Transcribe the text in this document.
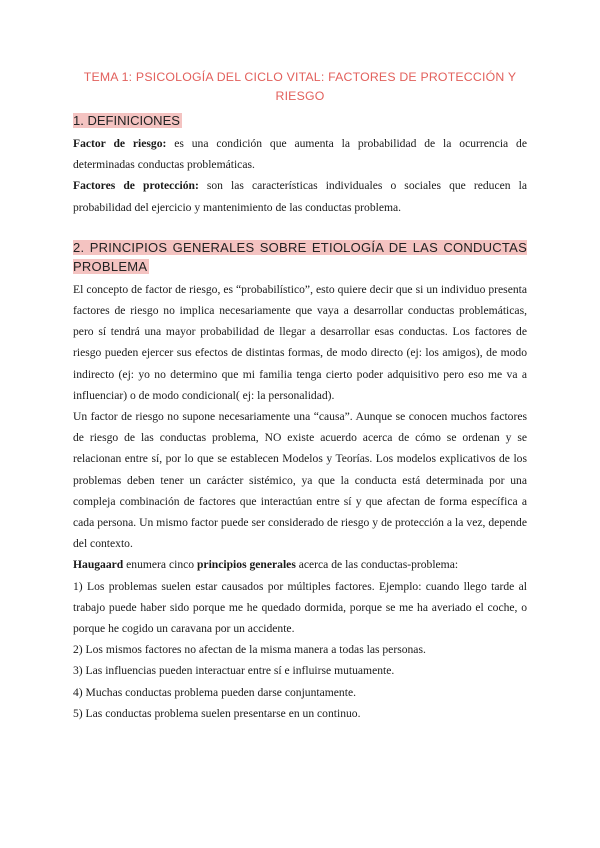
TEMA 1: PSICOLOGÍA DEL CICLO VITAL: FACTORES DE PROTECCIÓN Y RIESGO
1. DEFINICIONES

Factor de riesgo: es una condición que aumenta la probabilidad de la ocurrencia de determinadas conductas problemáticas.

Factores de protección: son las características individuales o sociales que reducen la probabilidad del ejercicio y mantenimiento de las conductas problema.

2. PRINCIPIOS GENERALES SOBRE ETIOLOGÍA DE LAS CONDUCTAS PROBLEMA

El concepto de factor de riesgo, es “probabilístico”, esto quiere decir que si un individuo presenta factores de riesgo no implica necesariamente que vaya a desarrollar conductas problemáticas, pero sí tendrá una mayor probabilidad de llegar a desarrollar esas conductas. Los factores de riesgo pueden ejercer sus efectos de distintas formas, de modo directo (ej: los amigos), de modo indirecto (ej: yo no determino que mi familia tenga cierto poder adquisitivo pero eso me va a influenciar) o de modo condicional( ej: la personalidad).

Un factor de riesgo no supone necesariamente una “causa”. Aunque se conocen muchos factores de riesgo de las conductas problema, NO existe acuerdo acerca de cómo se ordenan y se relacionan entre sí, por lo que se establecen Modelos y Teorías. Los modelos explicativos de los problemas deben tener un carácter sistémico, ya que la conducta está determinada por una compleja combinación de factores que interactúan entre sí y que afectan de forma específica a cada persona. Un mismo factor puede ser considerado de riesgo y de protección a la vez, depende del contexto.

Haugaard enumera cinco principios generales acerca de las conductas-problema:

1) Los problemas suelen estar causados por múltiples factores. Ejemplo: cuando llego tarde al trabajo puede haber sido porque me he quedado dormida, porque se me ha averiado el coche, o porque he cogido un caravana por un accidente.

2) Los mismos factores no afectan de la misma manera a todas las personas.

3) Las influencias pueden interactuar entre sí e influirse mutuamente.

4) Muchas conductas problema pueden darse conjuntamente.

5) Las conductas problema suelen presentarse en un continuo.
